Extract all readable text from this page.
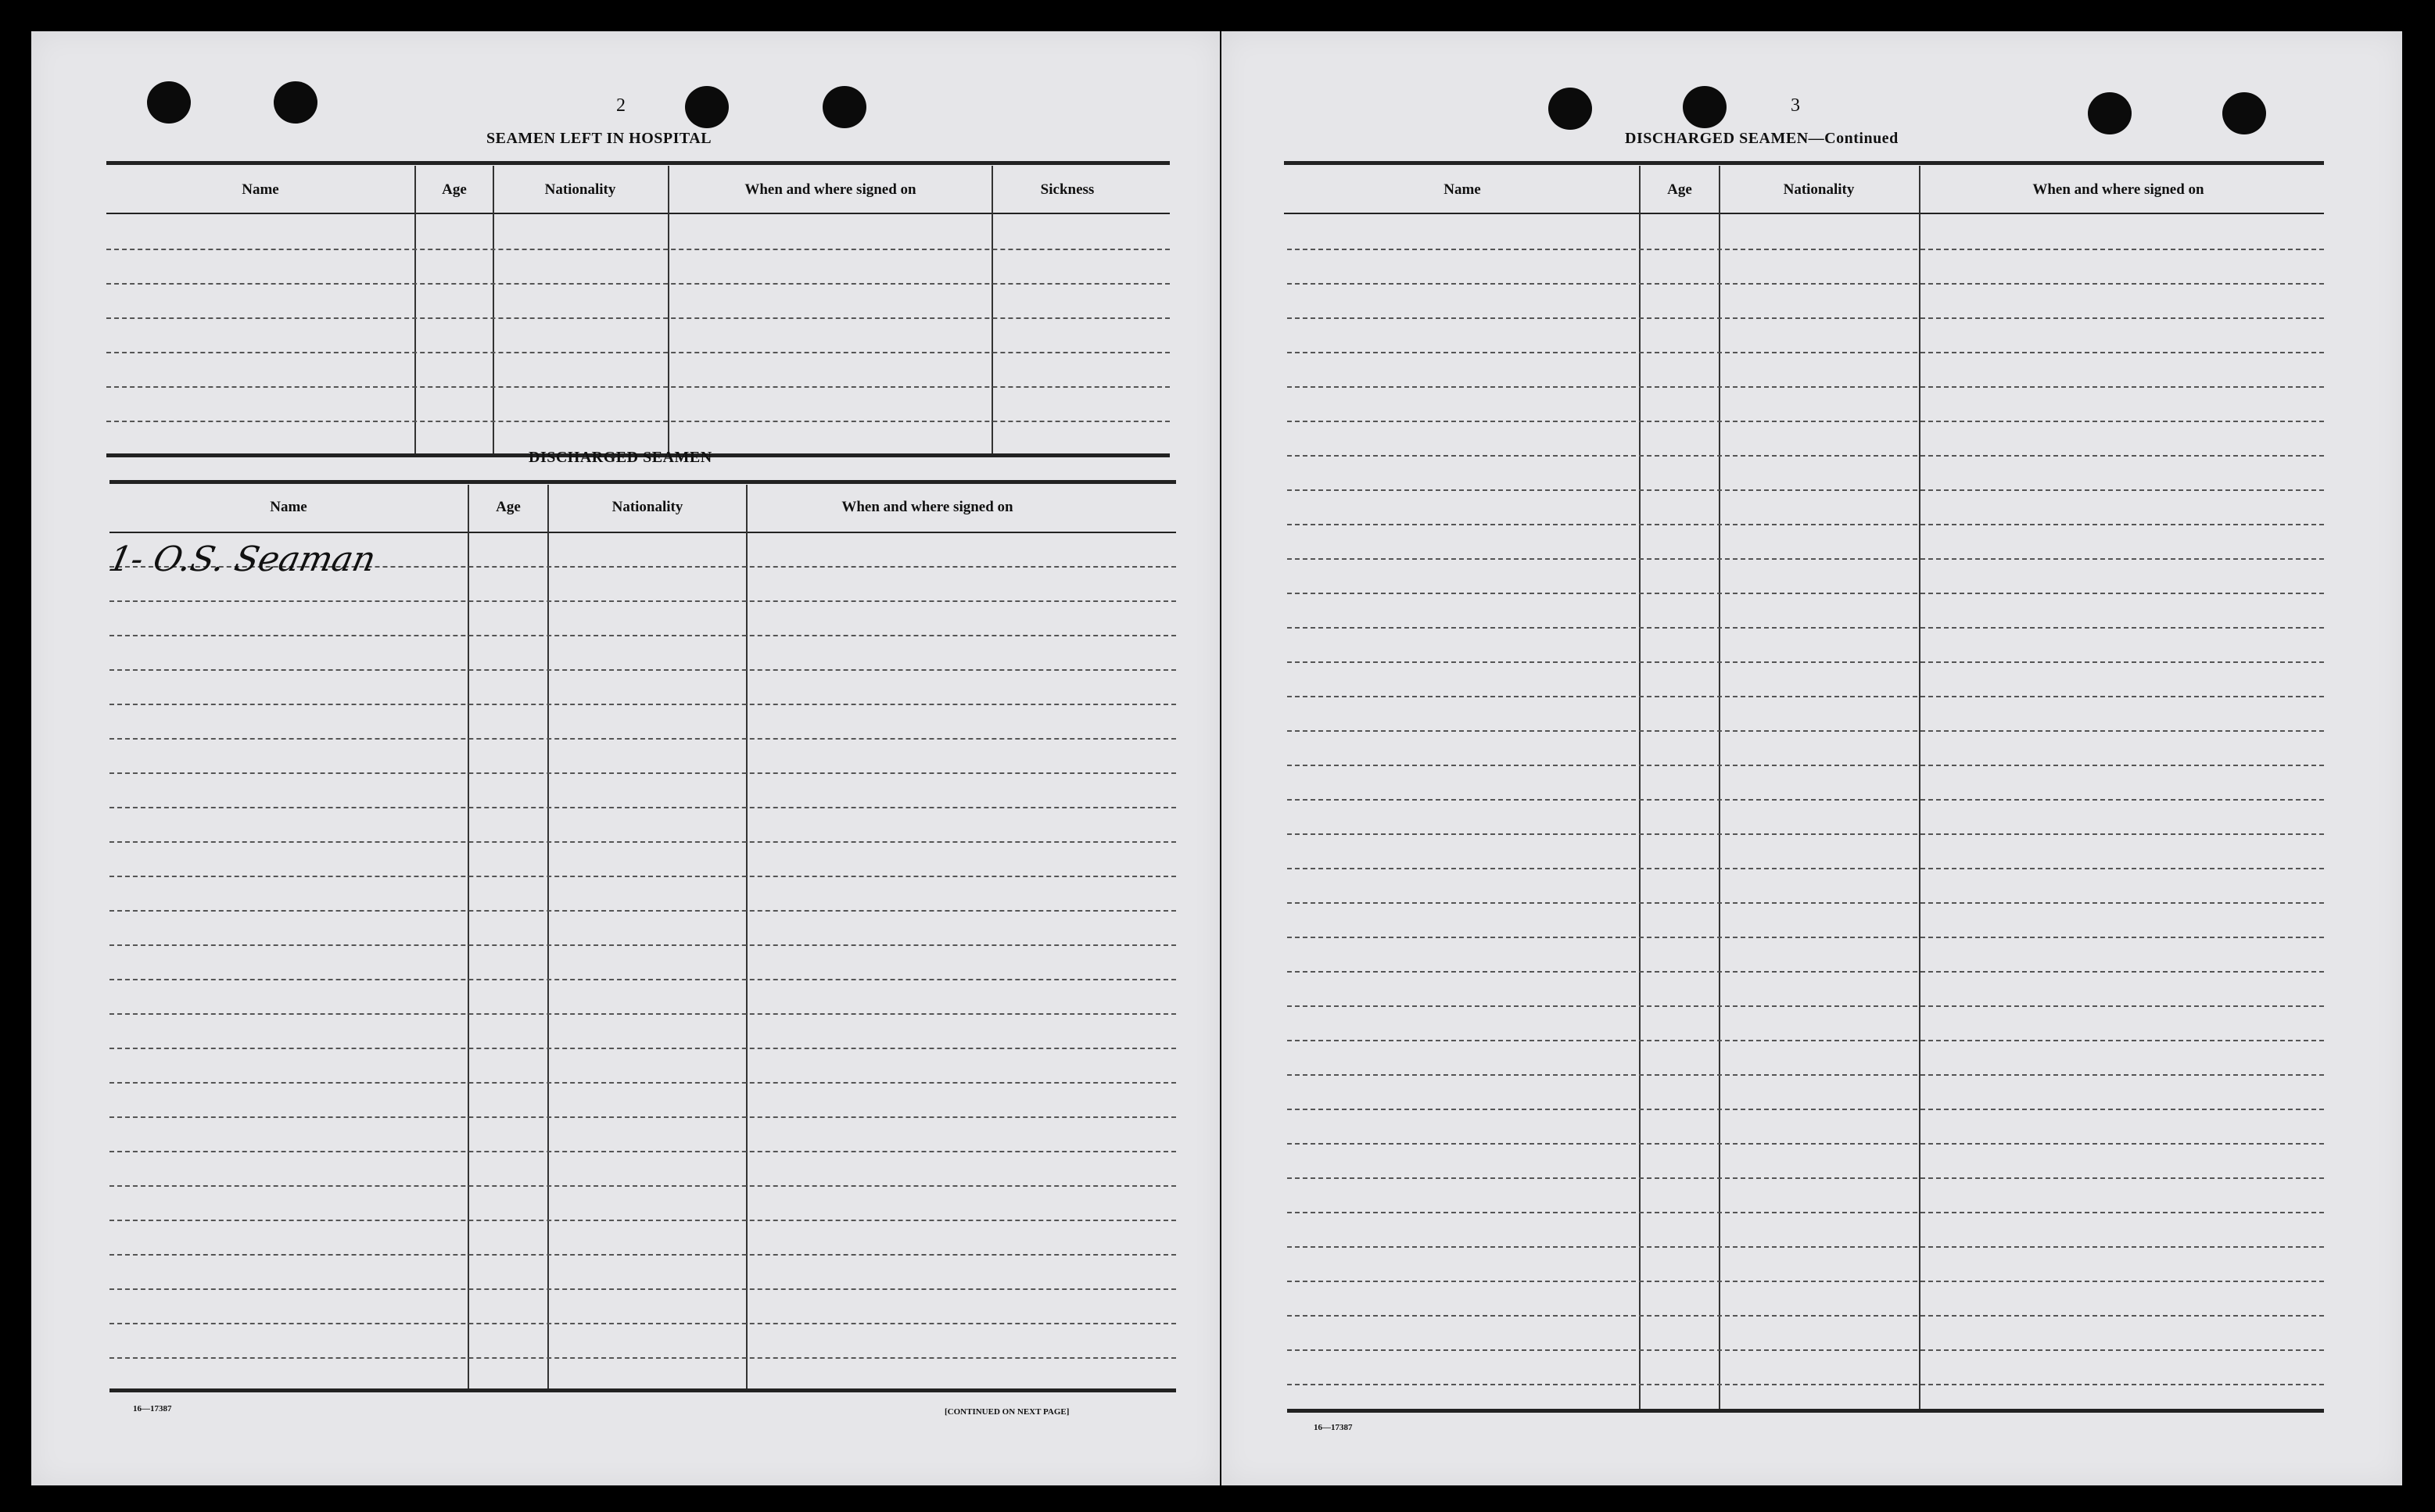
2
SEAMEN LEFT IN HOSPITAL
Name	Age	Nationality	When and where signed on	Sickness
DISCHARGED SEAMEN
Name	Age	Nationality	When and where signed on
1- O.S. Seaman
16—17387	[CONTINUED ON NEXT PAGE]
3
DISCHARGED SEAMEN—Continued
Name	Age	Nationality	When and where signed on
16—17387
